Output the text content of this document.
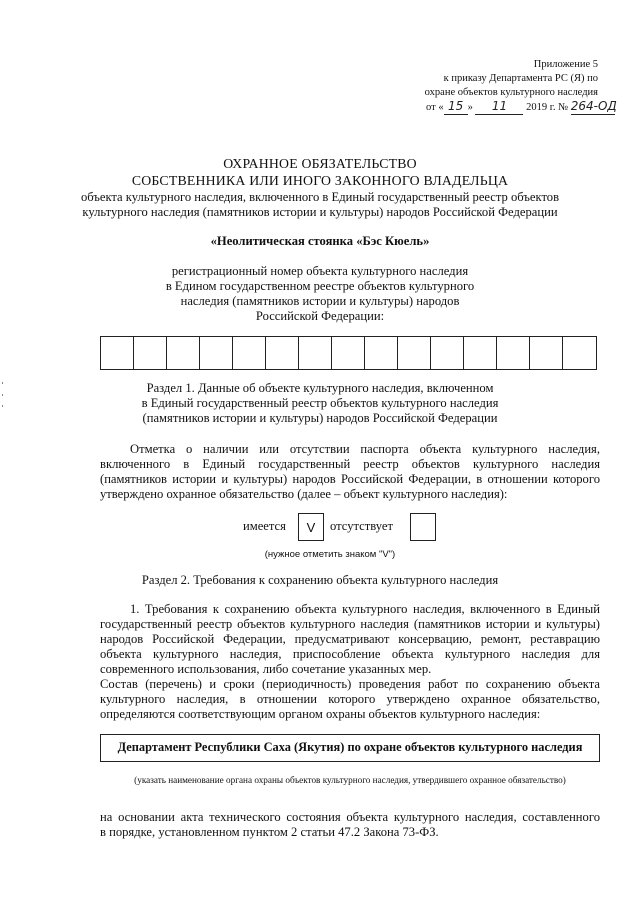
Приложение 5
к приказу Департамента РС (Я) по
охране объектов культурного наследия
от « 15 » 11 2019 г. № 264-ОД
ОХРАННОЕ ОБЯЗАТЕЛЬСТВО
СОБСТВЕННИКА ИЛИ ИНОГО ЗАКОННОГО ВЛАДЕЛЬЦА
объекта культурного наследия, включенного в Единый государственный реестр объектов
культурного наследия (памятников истории и культуры) народов Российской Федерации
«Неолитическая стоянка «Бэс Кюель»
регистрационный номер объекта культурного наследия
в Едином государственном реестре объектов культурного
наследия (памятников истории и культуры) народов
Российской Федерации:
Раздел 1. Данные об объекте культурного наследия, включенном
в Единый государственный реестр объектов культурного наследия
(памятников истории и культуры) народов Российской Федерации
Отметка о наличии или отсутствии паспорта объекта культурного наследия,
включенного в Единый государственный реестр объектов культурного наследия
(памятников истории и культуры) народов Российской Федерации, в отношении которого
утверждено охранное обязательство (далее – объект культурного наследия):
имеется	V	отсутствует
(нужное отметить знаком "V")
Раздел 2. Требования к сохранению объекта культурного наследия
1. Требования к сохранению объекта культурного наследия, включенного в Единый
государственный реестр объектов культурного наследия (памятников истории и культуры)
народов Российской Федерации, предусматривают консервацию, ремонт, реставрацию
объекта культурного наследия, приспособление объекта культурного наследия для
современного использования, либо сочетание указанных мер.
Состав (перечень) и сроки (периодичность) проведения работ по сохранению объекта
культурного наследия, в отношении которого утверждено охранное обязательство,
определяются соответствующим органом охраны объектов культурного наследия:
Департамент Республики Саха (Якутия) по охране объектов культурного наследия
(указать наименование органа охраны объектов культурного наследия, утвердившего охранное обязательство)
на основании акта технического состояния объекта культурного наследия, составленного
в порядке, установленном пунктом 2 статьи 47.2 Закона 73-ФЗ.
